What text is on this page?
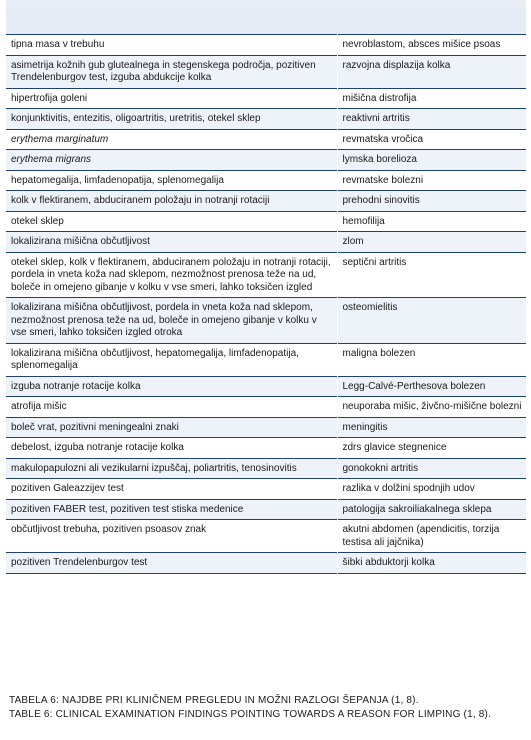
tipna masa v trebuhu	nevroblastom, absces mišice psoas
asimetrija kožnih gub glutealnega in stegenskega področja, pozitiven Trendelenburgov test, izguba abdukcije kolka	razvojna displazija kolka
hipertrofija goleni	mišična distrofija
konjunktivitis, entezitis, oligoartritis, uretritis, otekel sklep	reaktivni artritis
erythema marginatum	revmatska vročica
erythema migrans	lymska borelioza
hepatomegalija, limfadenopatija, splenomegalija	revmatske bolezni
kolk v flektiranem, abduciranem položaju in notranji rotaciji	prehodni sinovitis
otekel sklep	hemofilija
lokalizirana mišična občutljivost	zlom
otekel sklep, kolk v flektiranem, abduciranem položaju in notranji rotaciji, pordela in vneta koža nad sklepom, nezmožnost prenosa teže na ud, boleče in omejeno gibanje v kolku v vse smeri, lahko toksičen izgled	septični artritis
lokalizirana mišična občutljivost, pordela in vneta koža nad sklepom, nezmožnost prenosa teže na ud, boleče in omejeno gibanje v kolku v vse smeri, lahko toksičen izgled otroka	osteomielitis
lokalizirana mišična občutljivost, hepatomegalija, limfadenopatija, splenomegalija	maligna bolezen
izguba notranje rotacije kolka	Legg-Calvé-Perthesova bolezen
atrofija mišic	neuporaba mišic, živčno-mišične bolezni
boleč vrat, pozitivni meningealni znaki	meningitis
debelost, izguba notranje rotacije kolka	zdrs glavice stegnenice
makulopapulozni ali vezikularni izpuščaj, poliartritis, tenosinovitis	gonokokni artritis
pozitiven Galeazzijev test	razlika v dolžini spodnjih udov
pozitiven FABER test, pozitiven test stiska medenice	patologija sakroiliakalnega sklepa
občutljivost trebuha, pozitiven psoasov znak	akutni abdomen (apendicitis, torzija testisa ali jajčnika)
pozitiven Trendelenburgov test	šibki abduktorji kolka
TABELA 6: NAJDBE PRI KLINIČNEM PREGLEDU IN MOŽNI RAZLOGI ŠEPANJA (1, 8).
TABLE 6: CLINICAL EXAMINATION FINDINGS POINTING TOWARDS A REASON FOR LIMPING (1, 8).
